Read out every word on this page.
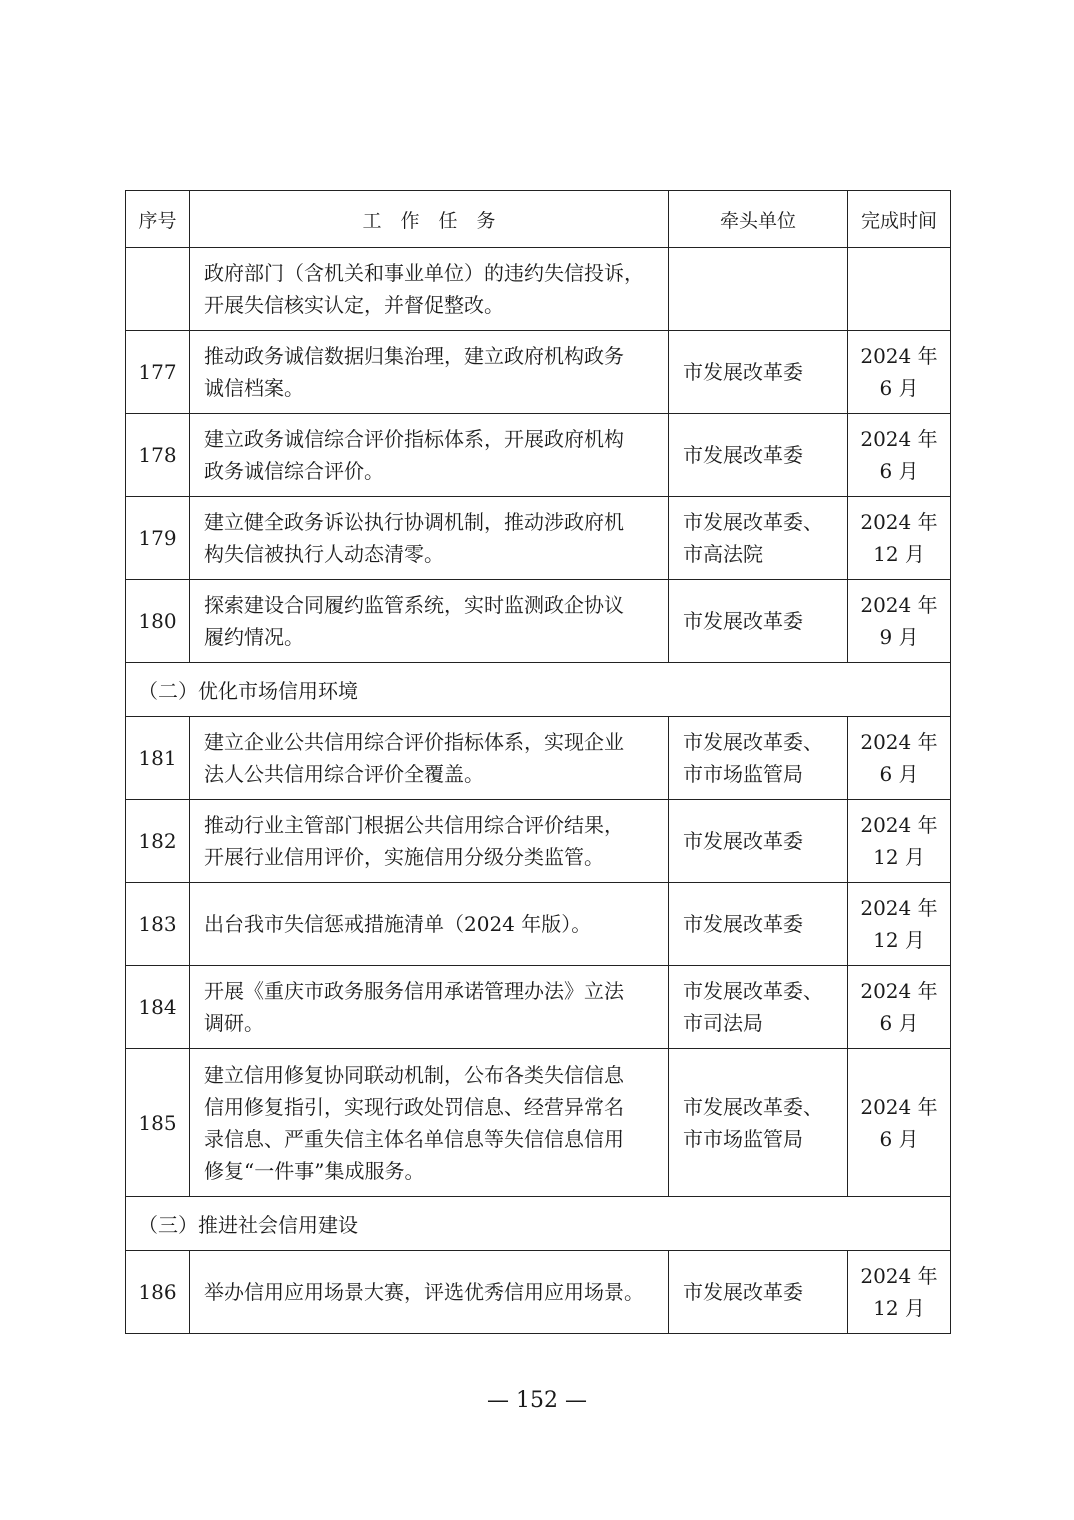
序号	工　作　任　务	牵头单位	完成时间
	政府部门（含机关和事业单位）的违约失信投诉，
开展失信核实认定，并督促整改。		
177	推动政务诚信数据归集治理，建立政府机构政务
诚信档案。	市发展改革委	2024 年
6 月
178	建立政务诚信综合评价指标体系，开展政府机构
政务诚信综合评价。	市发展改革委	2024 年
6 月
179	建立健全政务诉讼执行协调机制，推动涉政府机
构失信被执行人动态清零。	市发展改革委、
市高法院	2024 年
12 月
180	探索建设合同履约监管系统，实时监测政企协议
履约情况。	市发展改革委	2024 年
9 月
（二）优化市场信用环境			
181	建立企业公共信用综合评价指标体系，实现企业
法人公共信用综合评价全覆盖。	市发展改革委、
市市场监管局	2024 年
6 月
182	推动行业主管部门根据公共信用综合评价结果，
开展行业信用评价，实施信用分级分类监管。	市发展改革委	2024 年
12 月
183	出台我市失信惩戒措施清单（2024 年版）。	市发展改革委	2024 年
12 月
184	开展《重庆市政务服务信用承诺管理办法》立法
调研。	市发展改革委、
市司法局	2024 年
6 月
185	建立信用修复协同联动机制，公布各类失信信息
信用修复指引，实现行政处罚信息、经营异常名
录信息、严重失信主体名单信息等失信信息信用
修复“一件事”集成服务。	市发展改革委、
市市场监管局	2024 年
6 月
（三）推进社会信用建设			
186	举办信用应用场景大赛，评选优秀信用应用场景。	市发展改革委	2024 年
12 月
— 152 —
